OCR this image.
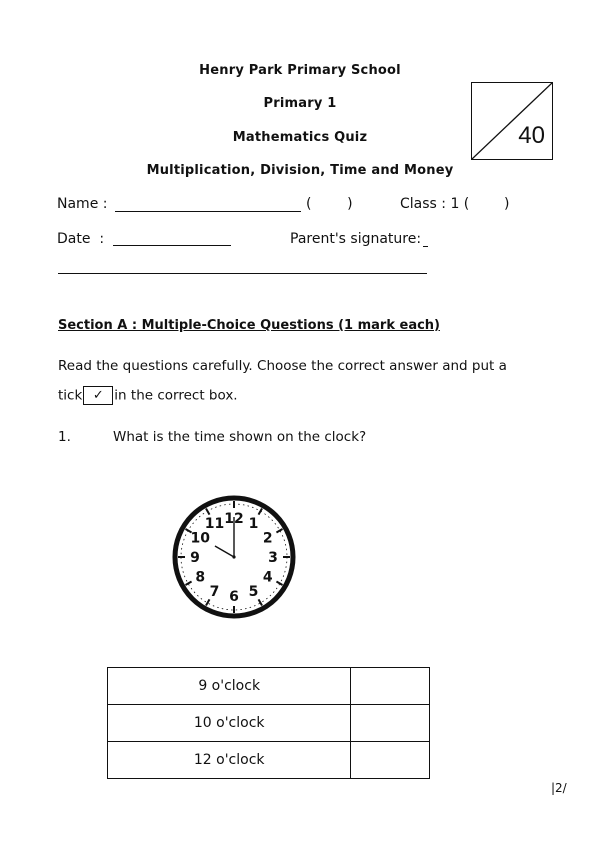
Henry Park Primary School
Primary 1
Mathematics Quiz
Multiplication, Division, Time and Money
40
Name :	(        )	Class : 1 ( )
Date  :	Parent's signature:
Section A : Multiple-Choice Questions (1 mark each)
Read the questions carefully. Choose the correct answer and put a
tick ✓ in the correct box.
1.	What is the time shown on the clock?
12 1
2
3
4
5
6
7
8
9
10
11
9 o'clock	
10 o'clock	
12 o'clock	
|2/
